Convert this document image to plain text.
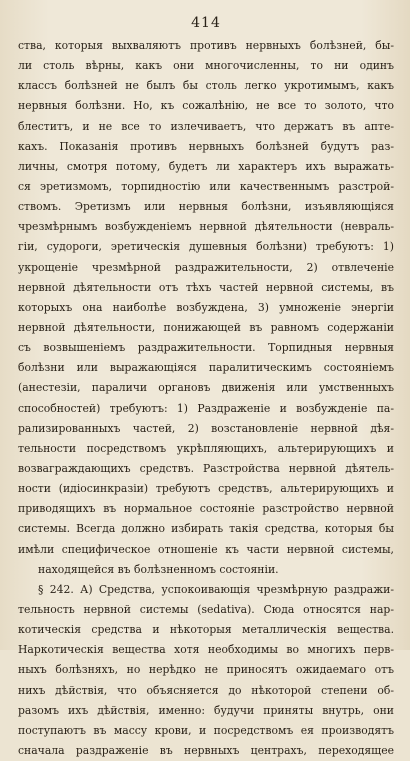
414
ства, которыя выхваляютъ противъ нервныхъ болѣзней, бы-
ли столь вѣрны, какъ они многочисленны, то ни одинъ
классъ болѣзней не былъ бы столь легко укротимымъ, какъ
нервныя болѣзни. Но, къ сожалѣнію, не все то золото, что
блеститъ, и не все то излечиваетъ, что держатъ въ апте-
кахъ. Показанія противъ нервныхъ болѣзней будутъ раз-
личны, смотря потому, будетъ ли характеръ ихъ выражать-
ся эретизмомъ, торпидностію или качественнымъ разстрой-
ствомъ. Эретизмъ или нервныя болѣзни, изъявляющіяся
чрезмѣрнымъ возбужденіемъ нервной дѣятельности (невраль-
гіи, судороги, эретическія душевныя болѣзни) требуютъ: 1)
укрощеніе чрезмѣрной раздражительности, 2) отвлеченіе
нервной дѣятельности отъ тѣхъ частей нервной системы, въ
которыхъ она наиболѣе возбуждена, 3) умноженіе энергіи
нервной дѣятельности, понижающей въ равномъ содержаніи
съ возвышеніемъ раздражительности. Торпидныя нервныя
болѣзни или выражающіяся паралитическимъ состояніемъ
(анестезіи, параличи органовъ движенія или умственныхъ
способностей) требуютъ: 1) Раздраженіе и возбужденіе па-
рализированныхъ частей, 2) возстановленіе нервной дѣя-
тельности посредствомъ укрѣпляющихъ, альтерирующихъ и
возваграждающихъ средствъ. Разстройства нервной дѣятель-
ности (идіосинкразіи) требуютъ средствъ, альтерирующихъ и
приводящихъ въ нормальное состояніе разстройство нервной
системы. Всегда должно избирать такія средства, которыя бы
имѣли специфическое отношеніе къ части нервной системы,
находящейся въ болѣзненномъ состояніи.
§ 242. А) Средства, успокоивающія чрезмѣрную раздражи-
тельность нервной системы (sedativa). Сюда относятся нар-
котическія средства и нѣкоторыя металлическія вещества.
Наркотическія вещества хотя необходимы во многихъ перв-
ныхъ болѣзняхъ, но нерѣдко не приносятъ ожидаемаго отъ
нихъ дѣйствія, что объясняется до нѣкоторой степени об-
разомъ ихъ дѣйствія, именно: будучи приняты внутрь, они
поступаютъ въ массу крови, и посредствомъ ея производятъ
сначала раздраженіе въ нервныхъ центрахъ, переходящее
